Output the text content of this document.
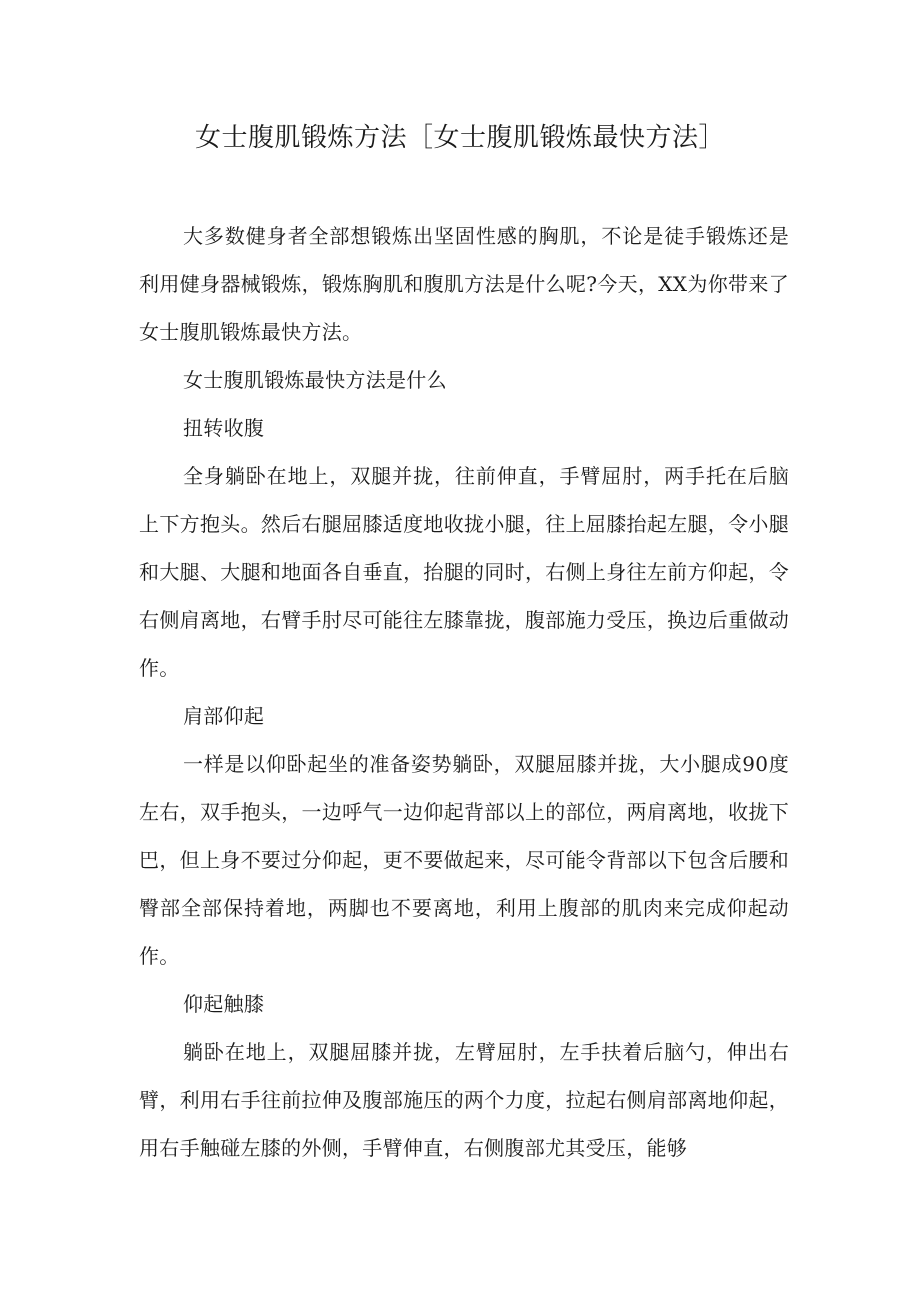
女士腹肌锻炼方法［女士腹肌锻炼最快方法］

大多数健身者全部想锻炼出坚固性感的胸肌，不论是徒手锻炼还是利用健身器械锻炼，锻炼胸肌和腹肌方法是什么呢?今天，XX为你带来了女士腹肌锻炼最快方法。

女士腹肌锻炼最快方法是什么

扭转收腹

全身躺卧在地上，双腿并拢，往前伸直，手臂屈肘，两手托在后脑上下方抱头。然后右腿屈膝适度地收拢小腿，往上屈膝抬起左腿，令小腿和大腿、大腿和地面各自垂直，抬腿的同时，右侧上身往左前方仰起，令右侧肩离地，右臂手肘尽可能往左膝靠拢，腹部施力受压，换边后重做动作。

肩部仰起

一样是以仰卧起坐的准备姿势躺卧，双腿屈膝并拢，大小腿成90度左右，双手抱头，一边呼气一边仰起背部以上的部位，两肩离地，收拢下巴，但上身不要过分仰起，更不要做起来，尽可能令背部以下包含后腰和臀部全部保持着地，两脚也不要离地，利用上腹部的肌肉来完成仰起动作。

仰起触膝

躺卧在地上，双腿屈膝并拢，左臂屈肘，左手扶着后脑勺，伸出右臂，利用右手往前拉伸及腹部施压的两个力度，拉起右侧肩部离地仰起，用右手触碰左膝的外侧，手臂伸直，右侧腹部尤其受压，能够
